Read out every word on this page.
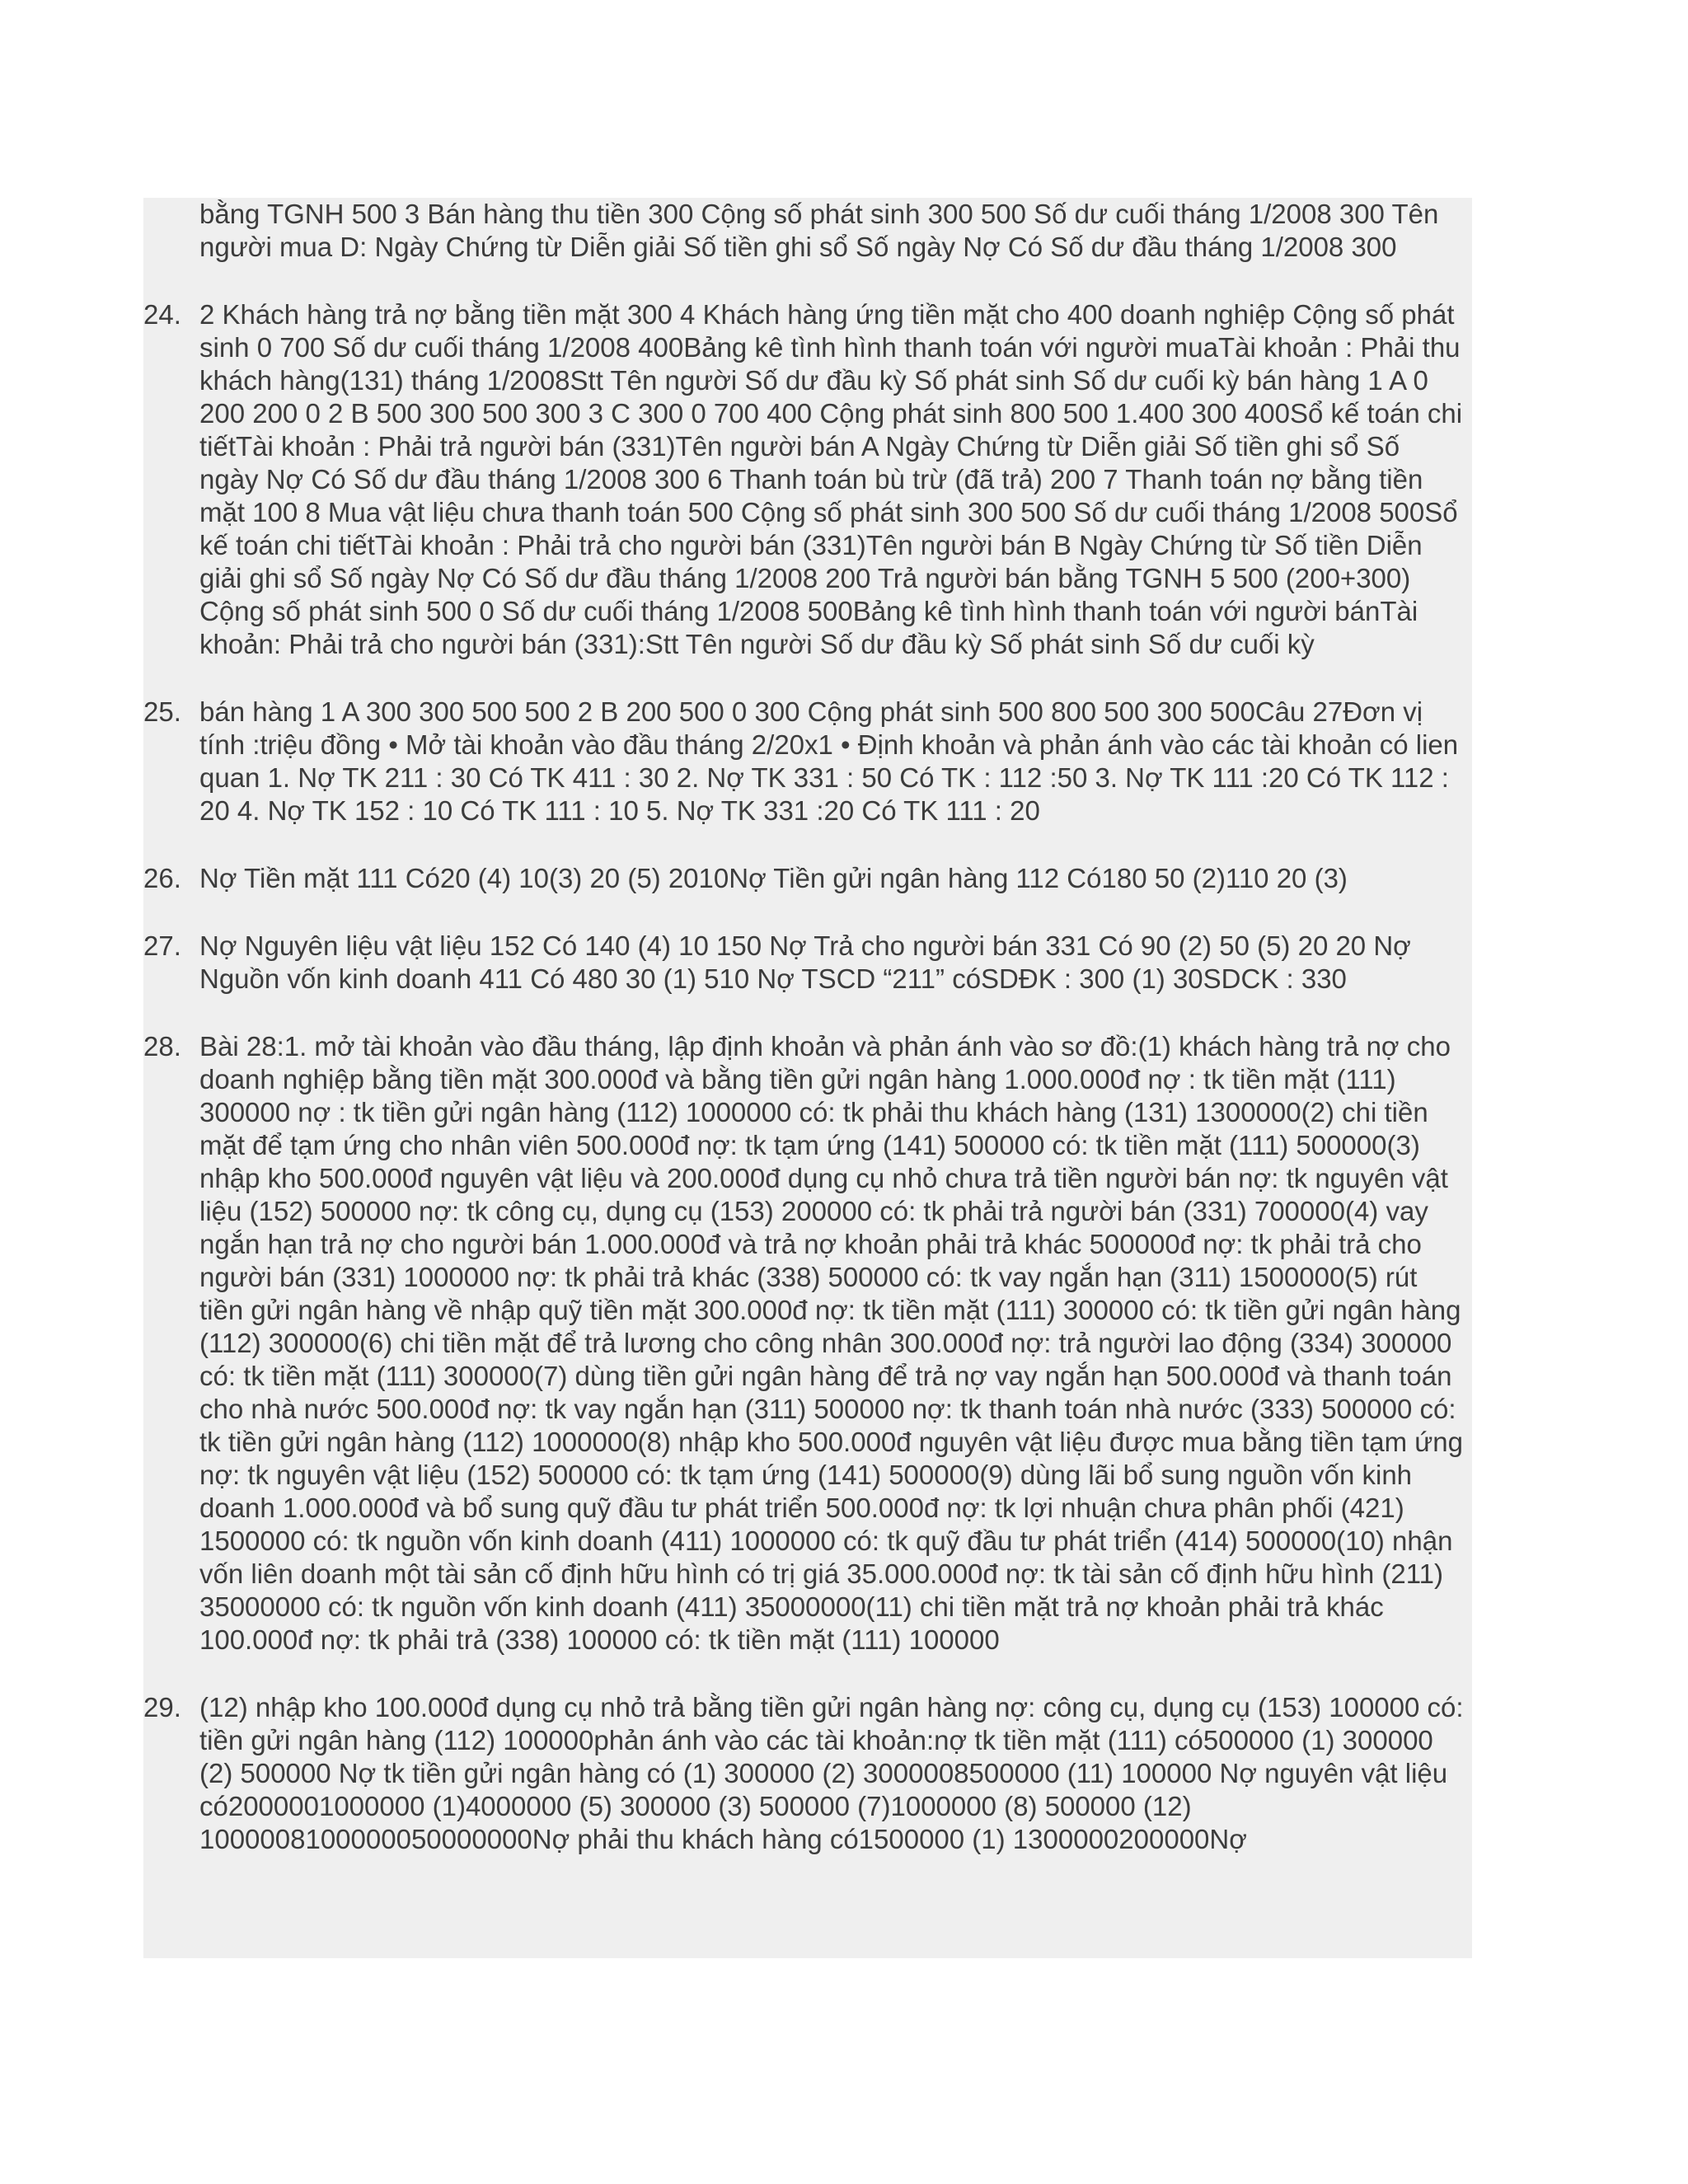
bằng TGNH 500 3 Bán hàng thu tiền 300 Cộng số phát sinh 300 500 Số dư cuối tháng 1/2008 300 Tên người mua D: Ngày Chứng từ Diễn giải Số tiền ghi sổ Số ngày Nợ Có Số dư đầu tháng 1/2008 300

24. 2 Khách hàng trả nợ bằng tiền mặt 300 4 Khách hàng ứng tiền mặt cho 400 doanh nghiệp Cộng số phát sinh 0 700 Số dư cuối tháng 1/2008 400Bảng kê tình hình thanh toán với người muaTài khoản : Phải thu khách hàng(131) tháng 1/2008Stt Tên người Số dư đầu kỳ Số phát sinh Số dư cuối kỳ bán hàng 1 A 0 200 200 0 2 B 500 300 500 300 3 C 300 0 700 400 Cộng phát sinh 800 500 1.400 300 400Sổ kế toán chi tiếtTài khoản : Phải trả người bán (331)Tên người bán A Ngày Chứng từ Diễn giải Số tiền ghi sổ Số ngày Nợ Có Số dư đầu tháng 1/2008 300 6 Thanh toán bù trừ (đã trả) 200 7 Thanh toán nợ bằng tiền mặt 100 8 Mua vật liệu chưa thanh toán 500 Cộng số phát sinh 300 500 Số dư cuối tháng 1/2008 500Sổ kế toán chi tiếtTài khoản : Phải trả cho người bán (331)Tên người bán B Ngày Chứng từ Số tiền Diễn giải ghi sổ Số ngày Nợ Có Số dư đầu tháng 1/2008 200 Trả người bán bằng TGNH 5 500 (200+300) Cộng số phát sinh 500 0 Số dư cuối tháng 1/2008 500Bảng kê tình hình thanh toán với người bánTài khoản: Phải trả cho người bán (331):Stt Tên người Số dư đầu kỳ Số phát sinh Số dư cuối kỳ
25. bán hàng 1 A 300 300 500 500 2 B 200 500 0 300 Cộng phát sinh 500 800 500 300 500Câu 27Đơn vị tính :triệu đồng • Mở tài khoản vào đầu tháng 2/20x1 • Định khoản và phản ánh vào các tài khoản có lien quan 1. Nợ TK 211 : 30 Có TK 411 : 30 2. Nợ TK 331 : 50 Có TK : 112 :50 3. Nợ TK 111 :20 Có TK 112 : 20 4. Nợ TK 152 : 10 Có TK 111 : 10 5. Nợ TK 331 :20 Có TK 111 : 20
26. Nợ Tiền mặt 111 Có20 (4) 10(3) 20 (5) 2010Nợ Tiền gửi ngân hàng 112 Có180 50 (2)110 20 (3)
27. Nợ Nguyên liệu vật liệu 152 Có 140 (4) 10 150 Nợ Trả cho người bán 331 Có 90 (2) 50 (5) 20 20 Nợ Nguồn vốn kinh doanh 411 Có 480 30 (1) 510 Nợ TSCD “211” cóSDĐK : 300 (1) 30SDCK : 330
28. Bài 28:1. mở tài khoản vào đầu tháng, lập định khoản và phản ánh vào sơ đồ:(1) khách hàng trả nợ cho doanh nghiệp bằng tiền mặt 300.000đ và bằng tiền gửi ngân hàng 1.000.000đ nợ : tk tiền mặt (111) 300000 nợ : tk tiền gửi ngân hàng (112) 1000000 có: tk phải thu khách hàng (131) 1300000(2) chi tiền mặt để tạm ứng cho nhân viên 500.000đ nợ: tk tạm ứng (141) 500000 có: tk tiền mặt (111) 500000(3) nhập kho 500.000đ nguyên vật liệu và 200.000đ dụng cụ nhỏ chưa trả tiền người bán nợ: tk nguyên vật liệu (152) 500000 nợ: tk công cụ, dụng cụ (153) 200000 có: tk phải trả người bán (331) 700000(4) vay ngắn hạn trả nợ cho người bán 1.000.000đ và trả nợ khoản phải trả khác 500000đ nợ: tk phải trả cho người bán (331) 1000000 nợ: tk phải trả khác (338) 500000 có: tk vay ngắn hạn (311) 1500000(5) rút tiền gửi ngân hàng về nhập quỹ tiền mặt 300.000đ nợ: tk tiền mặt (111) 300000 có: tk tiền gửi ngân hàng (112) 300000(6) chi tiền mặt để trả lương cho công nhân 300.000đ nợ: trả người lao động (334) 300000 có: tk tiền mặt (111) 300000(7) dùng tiền gửi ngân hàng để trả nợ vay ngắn hạn 500.000đ và thanh toán cho nhà nước 500.000đ nợ: tk vay ngắn hạn (311) 500000 nợ: tk thanh toán nhà nước (333) 500000 có: tk tiền gửi ngân hàng (112) 1000000(8) nhập kho 500.000đ nguyên vật liệu được mua bằng tiền tạm ứng nợ: tk nguyên vật liệu (152) 500000 có: tk tạm ứng (141) 500000(9) dùng lãi bổ sung nguồn vốn kinh doanh 1.000.000đ và bổ sung quỹ đầu tư phát triển 500.000đ nợ: tk lợi nhuận chưa phân phối (421) 1500000 có: tk nguồn vốn kinh doanh (411) 1000000 có: tk quỹ đầu tư phát triển (414) 500000(10) nhận vốn liên doanh một tài sản cố định hữu hình có trị giá 35.000.000đ nợ: tk tài sản cố định hữu hình (211) 35000000 có: tk nguồn vốn kinh doanh (411) 35000000(11) chi tiền mặt trả nợ khoản phải trả khác 100.000đ nợ: tk phải trả (338) 100000 có: tk tiền mặt (111) 100000
29. (12) nhập kho 100.000đ dụng cụ nhỏ trả bằng tiền gửi ngân hàng nợ: công cụ, dụng cụ (153) 100000 có: tiền gửi ngân hàng (112) 100000phản ánh vào các tài khoản:nợ tk tiền mặt (111) có500000 (1) 300000 (2) 500000 Nợ tk tiền gửi ngân hàng có (1) 300000 (2) 3000008500000 (11) 100000 Nợ nguyên vật liệu có2000001000000 (1)4000000 (5) 300000 (3) 500000 (7)1000000 (8) 500000 (12) 1000008100000050000000Nợ phải thu khách hàng có1500000 (1) 1300000200000Nợ
